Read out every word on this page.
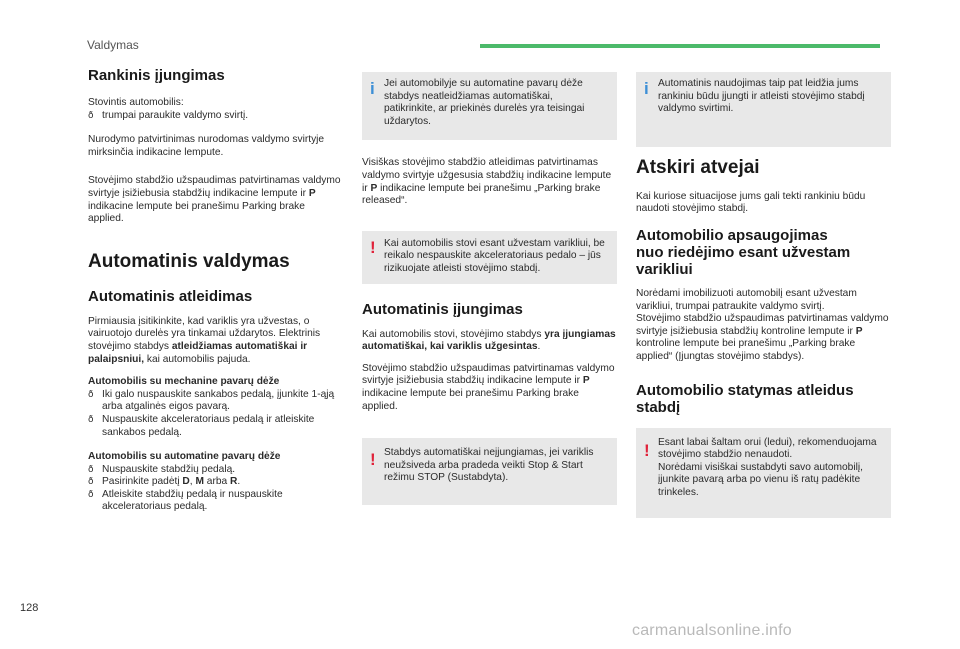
Valdymas
Rankinis įjungimas

Stovintis automobilis:

ð trumpai paraukite valdymo svirtį.

Nurodymo patvirtinimas nurodomas valdymo svirtyje mirksinčia indikacine lempute.

Stovėjimo stabdžio užspaudimas patvirtinamas valdymo svirtyje įsižiebusia stabdžių indikacine lempute ir P indikacine lempute bei pranešimu Parking brake applied.

Automatinis valdymas
Automatinis atleidimas

Pirmiausia įsitikinkite, kad variklis yra užvestas, o vairuotojo durelės yra tinkamai uždarytos. Elektrinis stovėjimo stabdys atleidžiamas automatiškai ir palaipsniui, kai automobilis pajuda.

Automobilis su mechanine pavarų dėže

ð Iki galo nuspauskite sankabos pedalą, įjunkite 1-ąją arba atgalinės eigos pavarą.
ð Nuspauskite akceleratoriaus pedalą ir atleiskite sankabos pedalą.

Automobilis su automatine pavarų dėže

ð Nuspauskite stabdžių pedalą.
ð Pasirinkite padėtį D, M arba R.
ð Atleiskite stabdžių pedalą ir nuspauskite akceleratoriaus pedalą.
i Jei automobilyje su automatine pavarų dėže stabdys neatleidžiamas automatiškai, patikrinkite, ar priekinės durelės yra teisingai uždarytos.

Visiškas stovėjimo stabdžio atleidimas patvirtinamas valdymo svirtyje užgesusia stabdžių indikacine lempute ir P indikacine lempute bei pranešimu „Parking brake released“.

! Kai automobilis stovi esant užvestam varikliui, be reikalo nespauskite akceleratoriaus pedalo – jūs rizikuojate atleisti stovėjimo stabdį.

Automatinis įjungimas

Kai automobilis stovi, stovėjimo stabdys yra įjungiamas automatiškai, kai variklis užgesintas.

Stovėjimo stabdžio užspaudimas patvirtinamas valdymo svirtyje įsižiebusia stabdžių indikacine lempute ir P indikacine lempute bei pranešimu Parking brake applied.

! Stabdys automatiškai neįjungiamas, jei variklis neužsiveda arba pradeda veikti Stop & Start režimu STOP (Sustabdyta).

i Automatinis naudojimas taip pat leidžia jums rankiniu būdu įjungti ir atleisti stovėjimo stabdį valdymo svirtimi.

Atskiri atvejai

Kai kuriose situacijose jums gali tekti rankiniu būdu naudoti stovėjimo stabdį.

Automobilio apsaugojimas nuo riedėjimo esant užvestam varikliui

Norėdami imobilizuoti automobilį esant užvestam varikliui, trumpai patraukite valdymo svirtį.

Stovėjimo stabdžio užspaudimas patvirtinamas valdymo svirtyje įsižiebusia stabdžių kontroline lempute ir P kontroline lempute bei pranešimu „Parking brake applied“ (Įjungtas stovėjimo stabdys).

Automobilio statymas atleidus stabdį
! Esant labai šaltam orui (ledui), rekomenduojama stovėjimo stabdžio nenaudoti.

Norėdami visiškai sustabdyti savo automobilį, įjunkite pavarą arba po vienu iš ratų padėkite trinkeles.

128
carmanualsonline.info
